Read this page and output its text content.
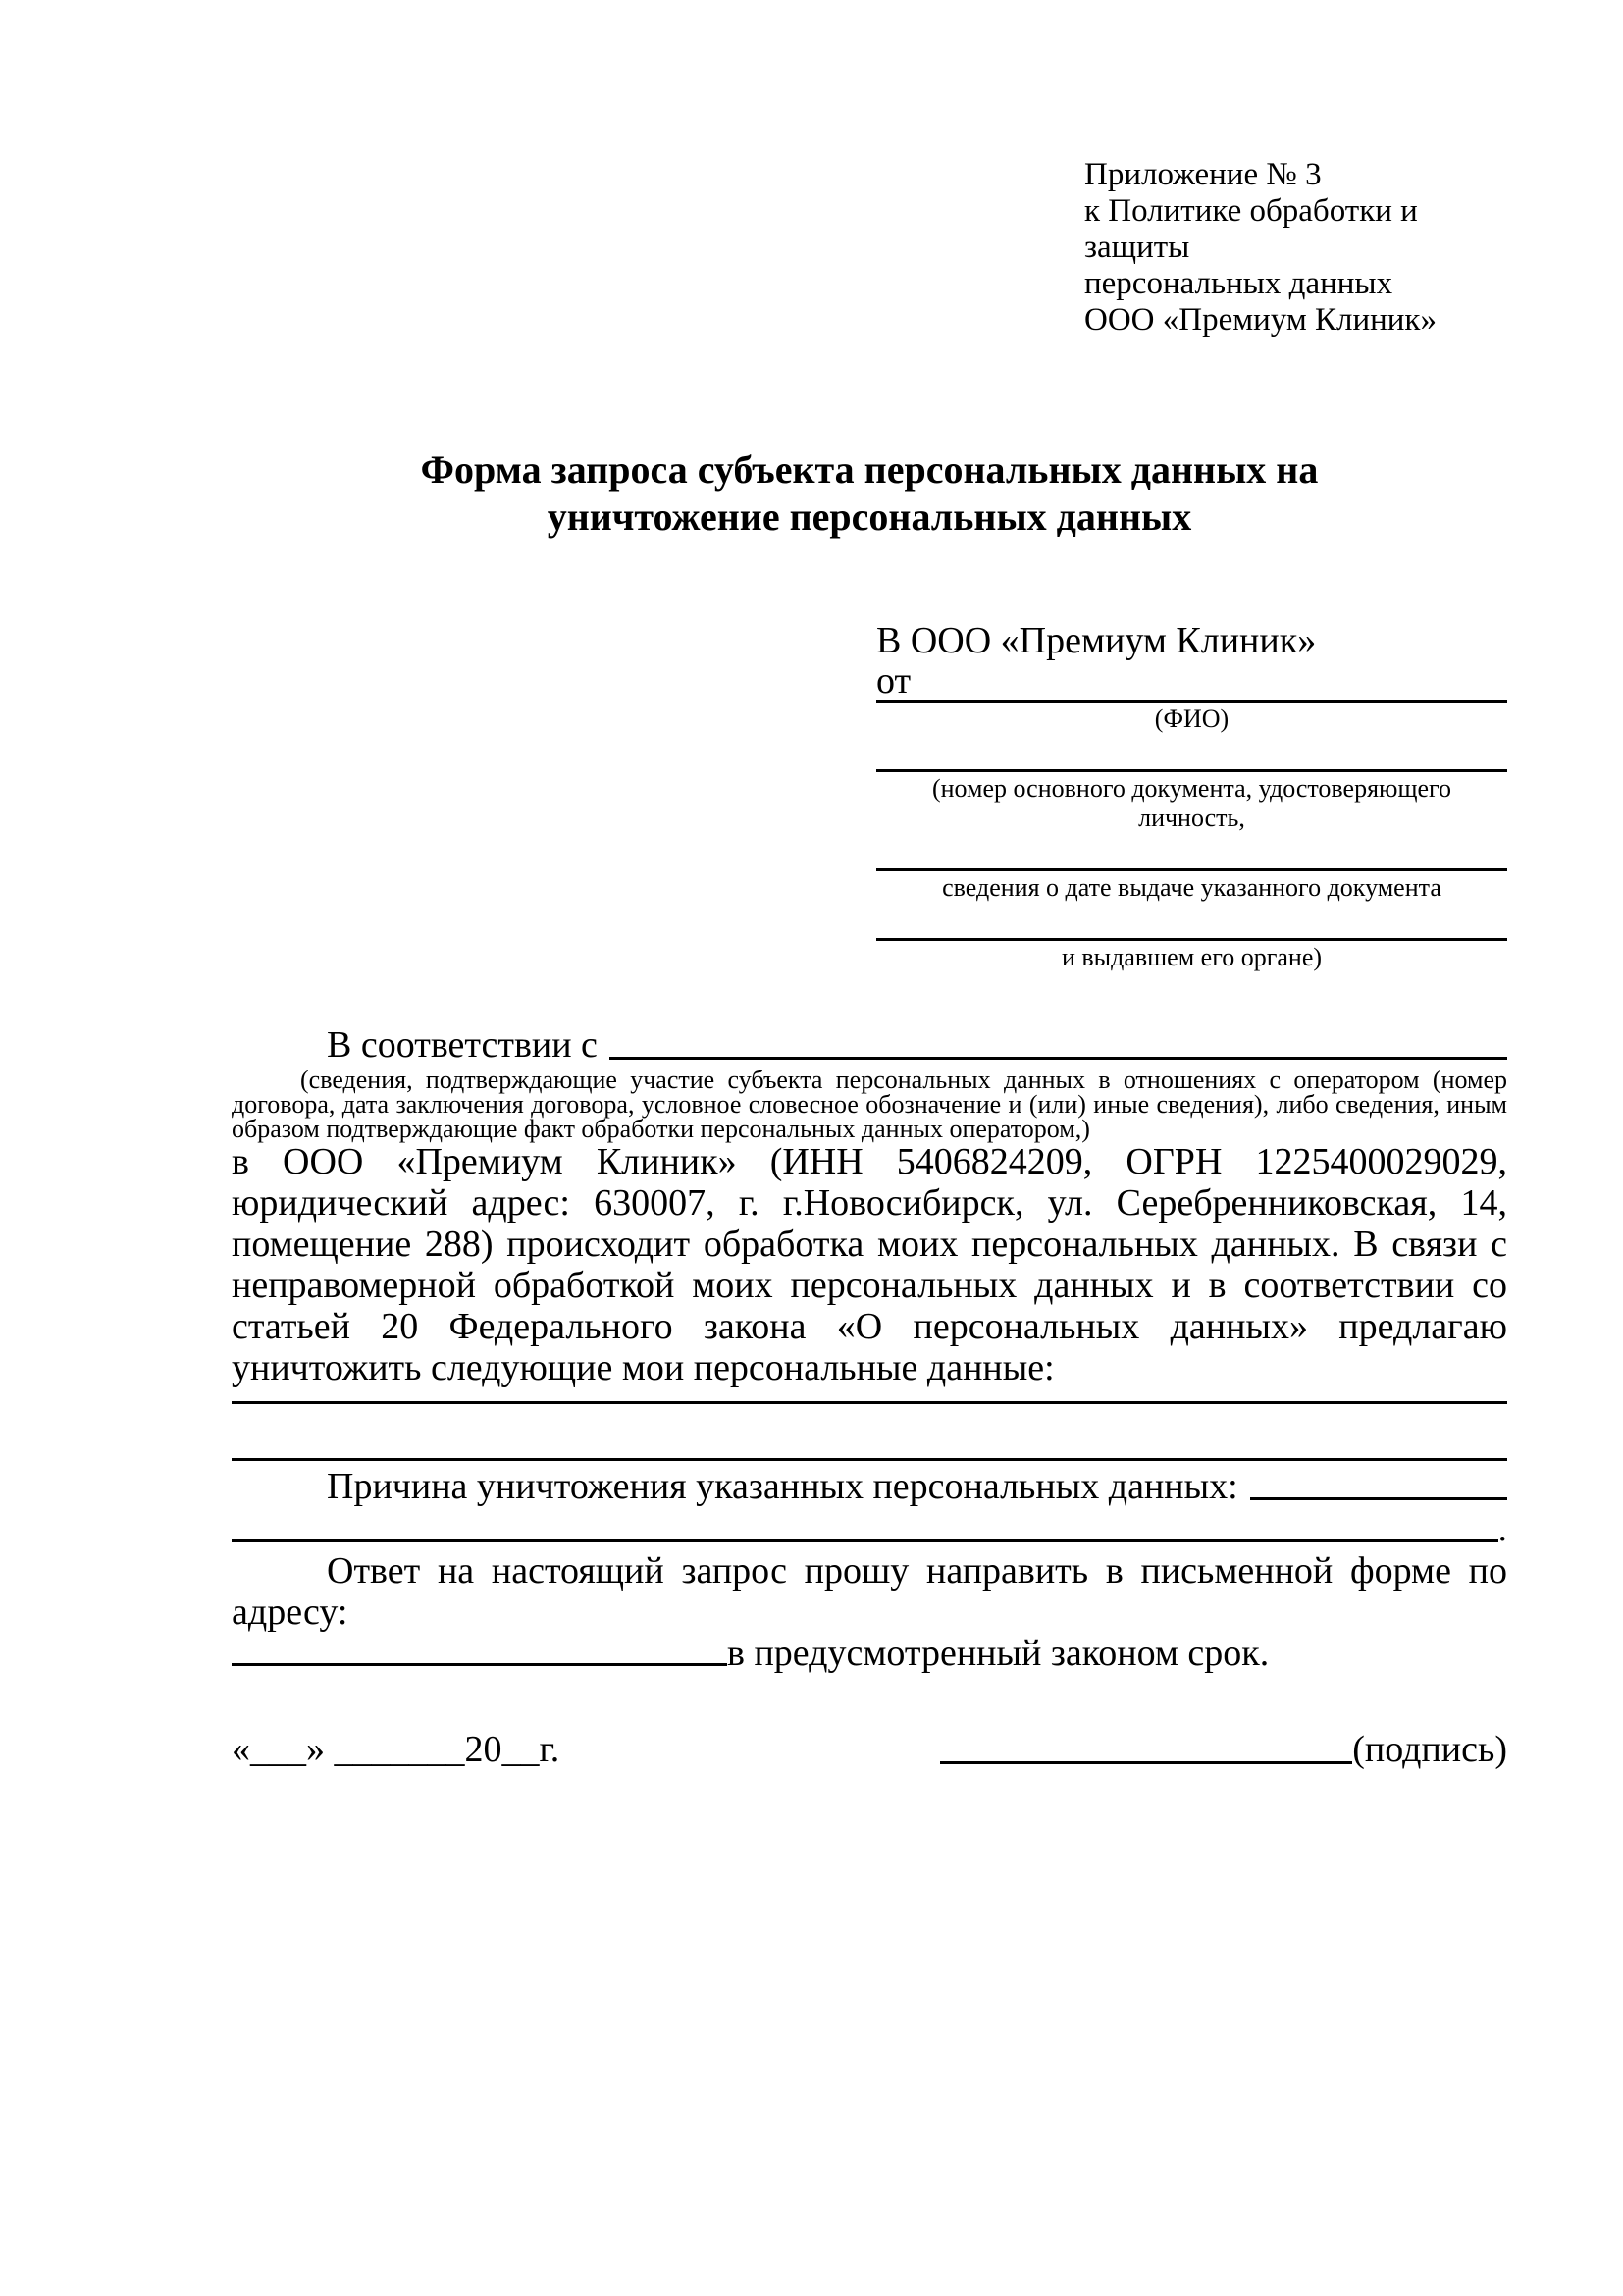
Приложение № 3
к Политике обработки и защиты
персональных данных
ООО «Премиум Клиник»
Форма запроса субъекта персональных данных на уничтожение персональных данных
В ООО «Премиум Клиник»
от
(ФИО)
(номер основного документа, удостоверяющего личность,
сведения о дате выдаче указанного документа
и выдавшем его органе)
В соответствии с
(сведения, подтверждающие участие субъекта персональных данных в отношениях с оператором (номер договора, дата заключения договора, условное словесное обозначение и (или) иные сведения), либо сведения, иным образом подтверждающие факт обработки персональных данных оператором,)
в ООО «Премиум Клиник» (ИНН 5406824209, ОГРН 1225400029029, юридический адрес: 630007, г. г.Новосибирск, ул. Серебренниковская, 14, помещение 288) происходит обработка моих персональных данных. В связи с неправомерной обработкой моих персональных данных и в соответствии со статьей 20 Федерального закона «О персональных данных» предлагаю уничтожить следующие мои персональные данные:
Причина уничтожения указанных персональных данных:
.
Ответ на настоящий запрос прошу направить в письменной форме по адресу:
в предусмотренный законом срок.
«___» _______20__г.	(подпись)
